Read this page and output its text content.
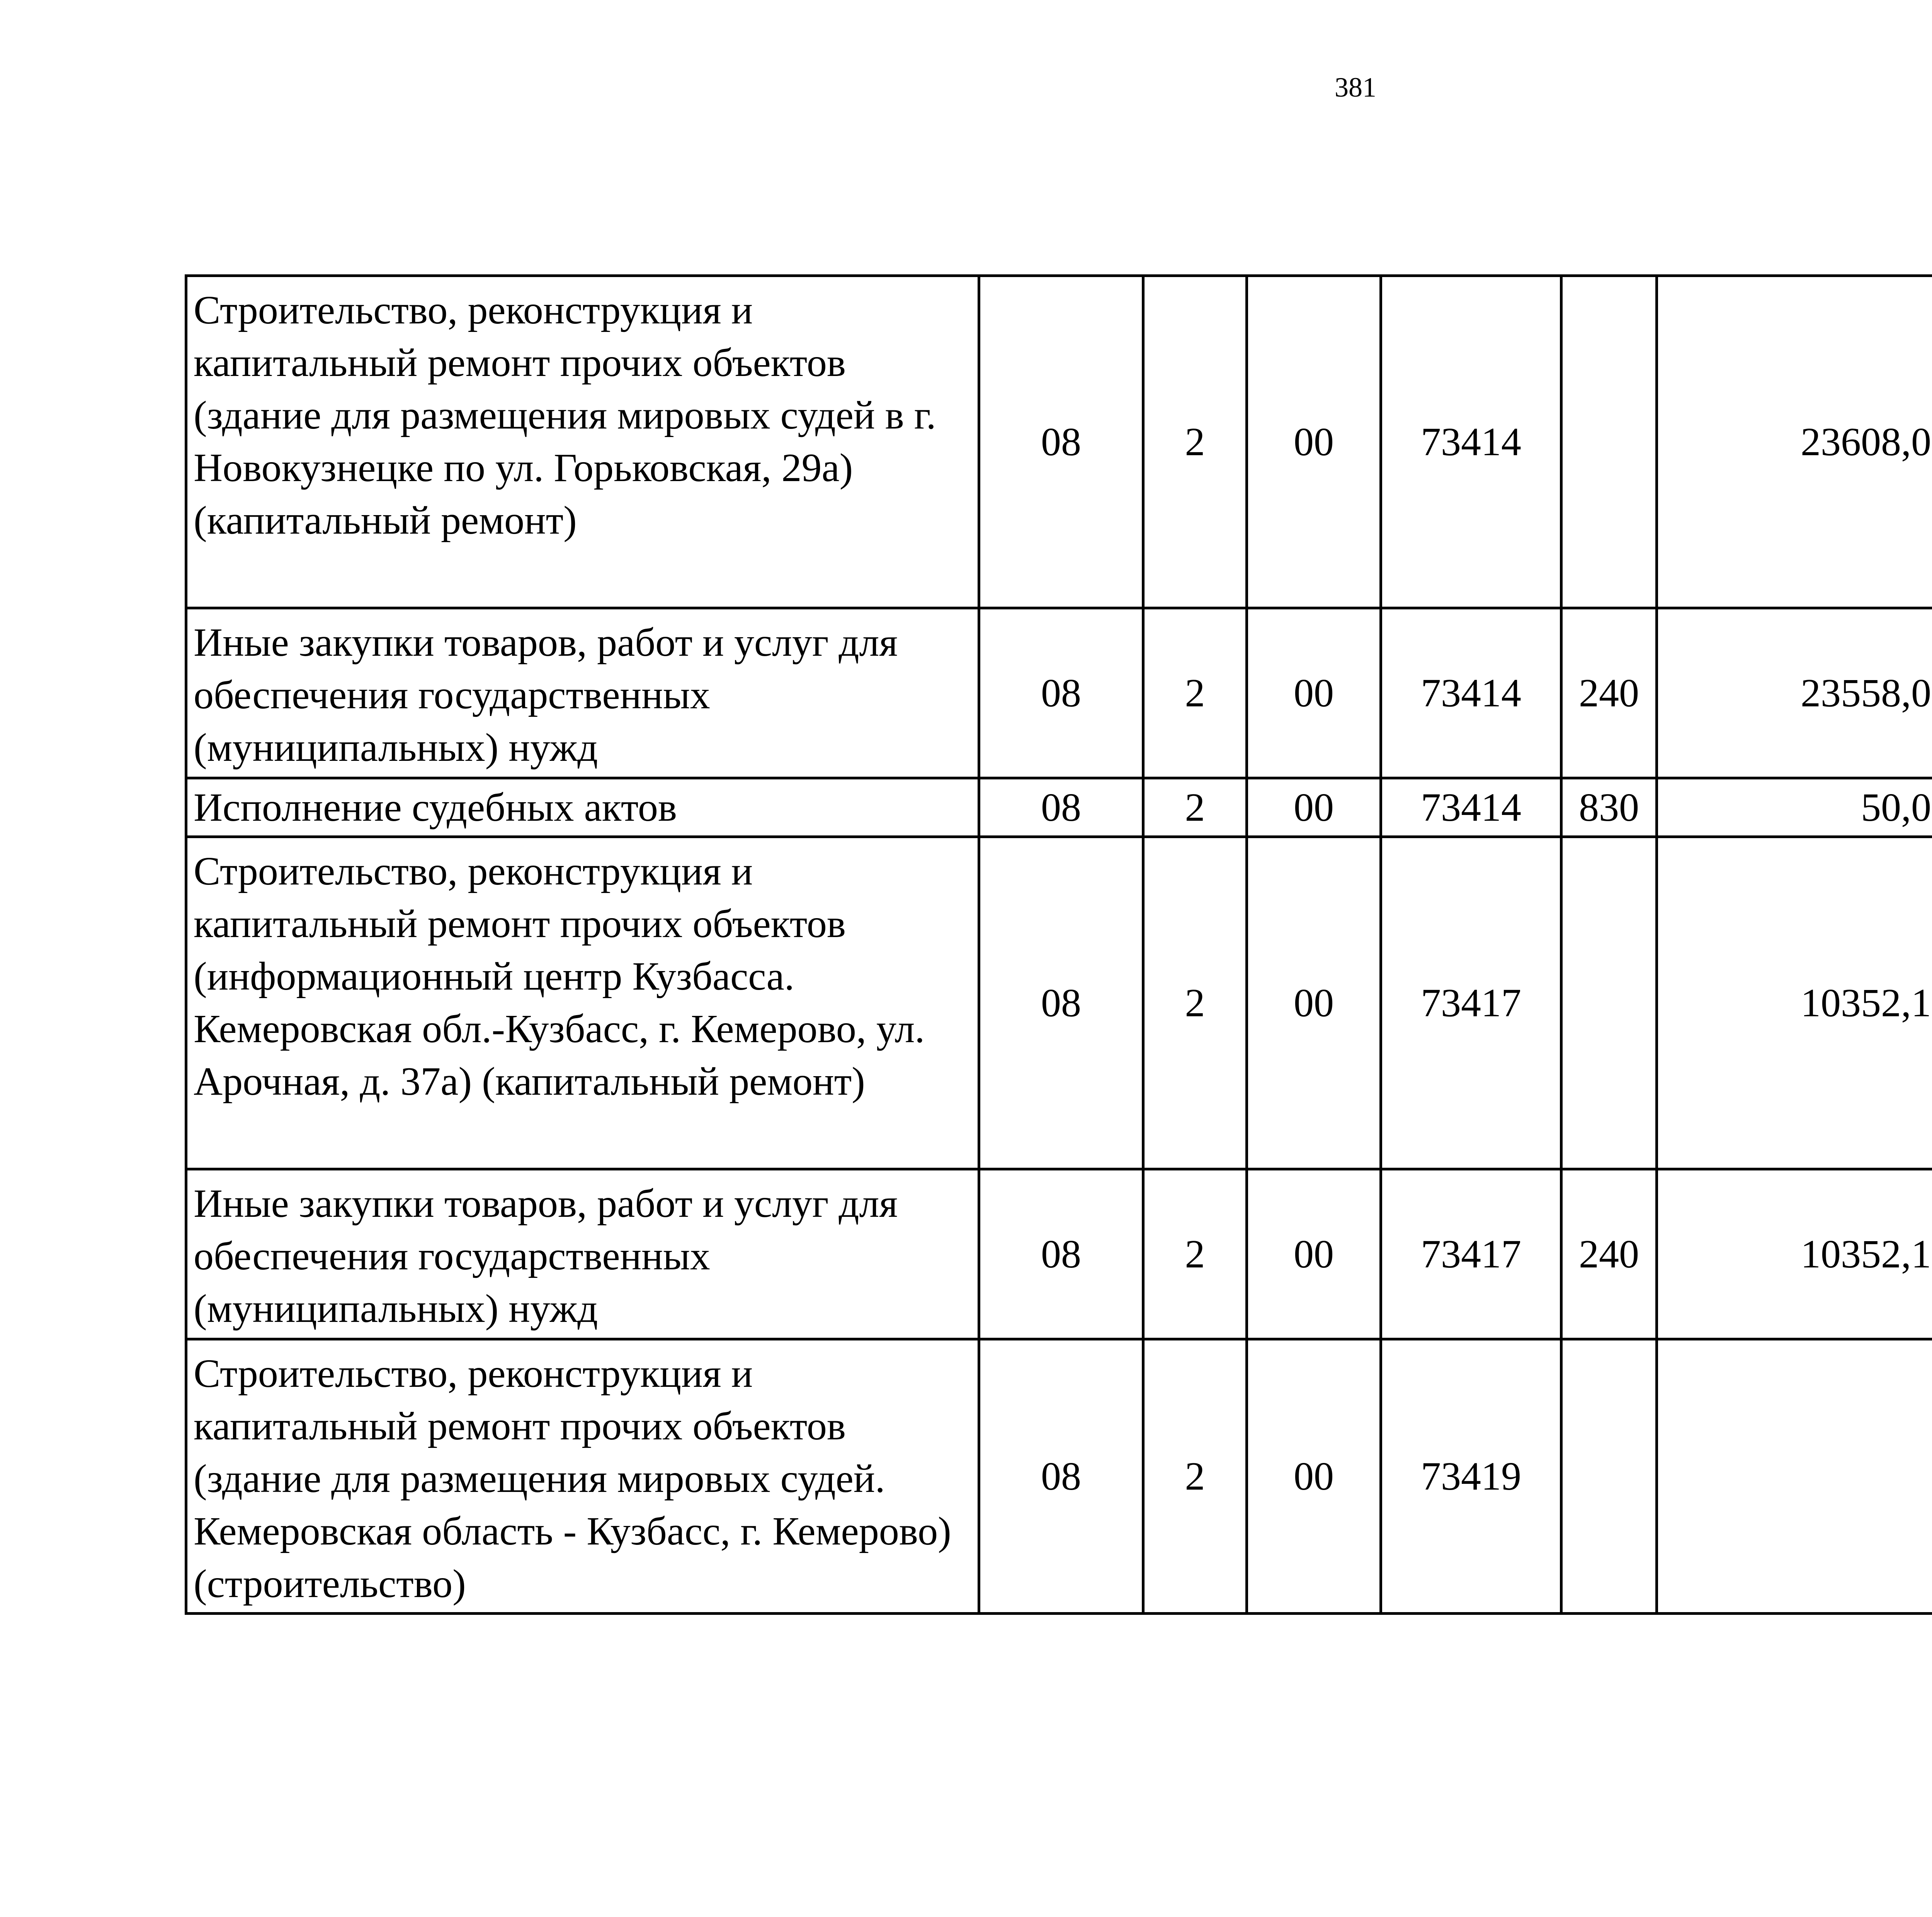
381
Строительство, реконструкция и капитальный ремонт прочих объектов (здание для размещения мировых судей в г. Новокузнецке по ул. Горьковская, 29а) (капитальный ремонт)	08	2	00	73414		23608,0		
Иные закупки товаров, работ и услуг для обеспечения государственных (муниципальных) нужд	08	2	00	73414	240	23558,0		
Исполнение судебных актов	08	2	00	73414	830	50,0		
Строительство, реконструкция и капитальный ремонт прочих объектов (информационный центр Кузбасса. Кемеровская обл.-Кузбасс, г. Кемерово, ул. Арочная, д. 37а) (капитальный ремонт)	08	2	00	73417		10352,1		
Иные закупки товаров, работ и услуг для обеспечения государственных (муниципальных) нужд	08	2	00	73417	240	10352,1		
Строительство, реконструкция и капитальный ремонт прочих объектов (здание для размещения мировых судей. Кемеровская область - Кузбасс, г. Кемерово) (строительство)	08	2	00	73419				
